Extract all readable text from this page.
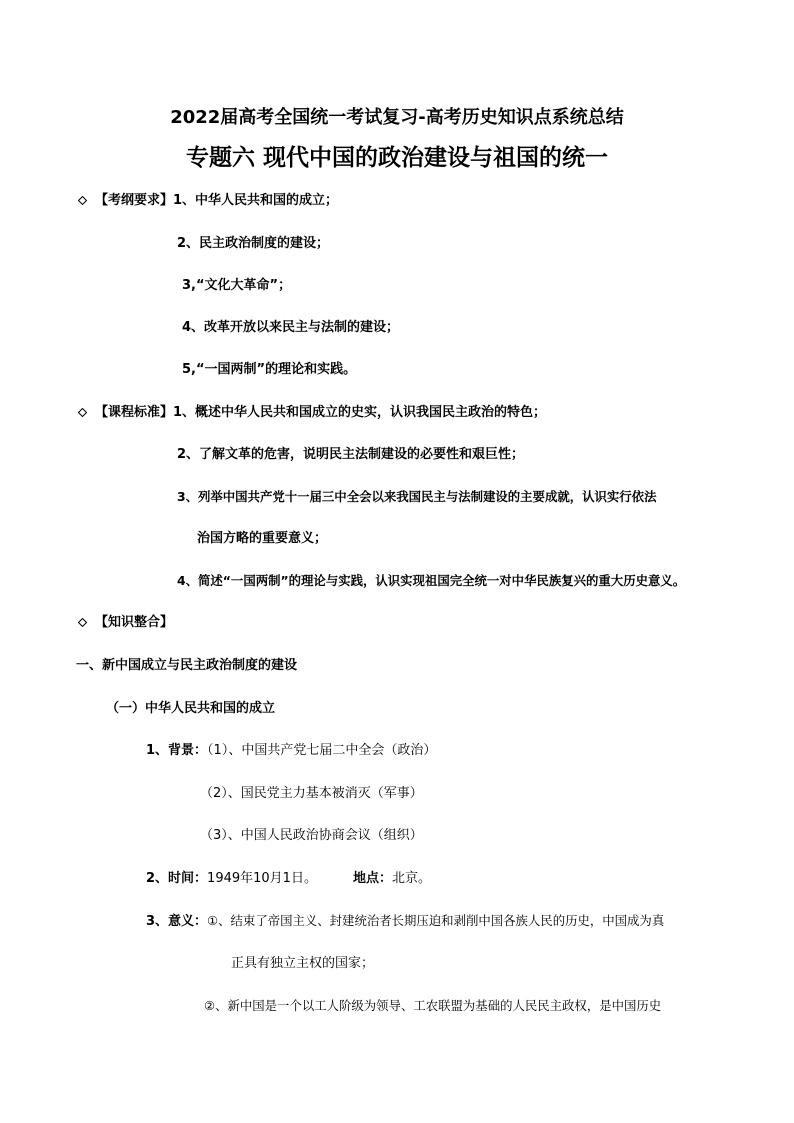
2022届高考全国统一考试复习-高考历史知识点系统总结
专题六 现代中国的政治建设与祖国的统一
【考纲要求】1、中华人民共和国的成立；
2、民主政治制度的建设；
3,“文化大革命”；
4、改革开放以来民主与法制的建设；
5,“一国两制”的理论和实践。
【课程标准】1、概述中华人民共和国成立的史实，认识我国民主政治的特色；
2、了解文革的危害，说明民主法制建设的必要性和艰巨性；
3、列举中国共产党十一届三中全会以来我国民主与法制建设的主要成就，认识实行依法
治国方略的重要意义；
4、简述“一国两制”的理论与实践，认识实现祖国完全统一对中华民族复兴的重大历史意义。
【知识整合】
一、新中国成立与民主政治制度的建设
（一）中华人民共和国的成立
1、背景：（1）、中国共产党七届二中全会（政治）
（2）、国民党主力基本被消灭（军事）
（3）、中国人民政治协商会议（组织）
2、时间：1949年10月1日。	地点：北京。
3、意义：①、结束了帝国主义、封建统治者长期压迫和剥削中国各族人民的历史，中国成为真
正具有独立主权的国家；
②、新中国是一个以工人阶级为领导、工农联盟为基础的人民民主政权，是中国历史
